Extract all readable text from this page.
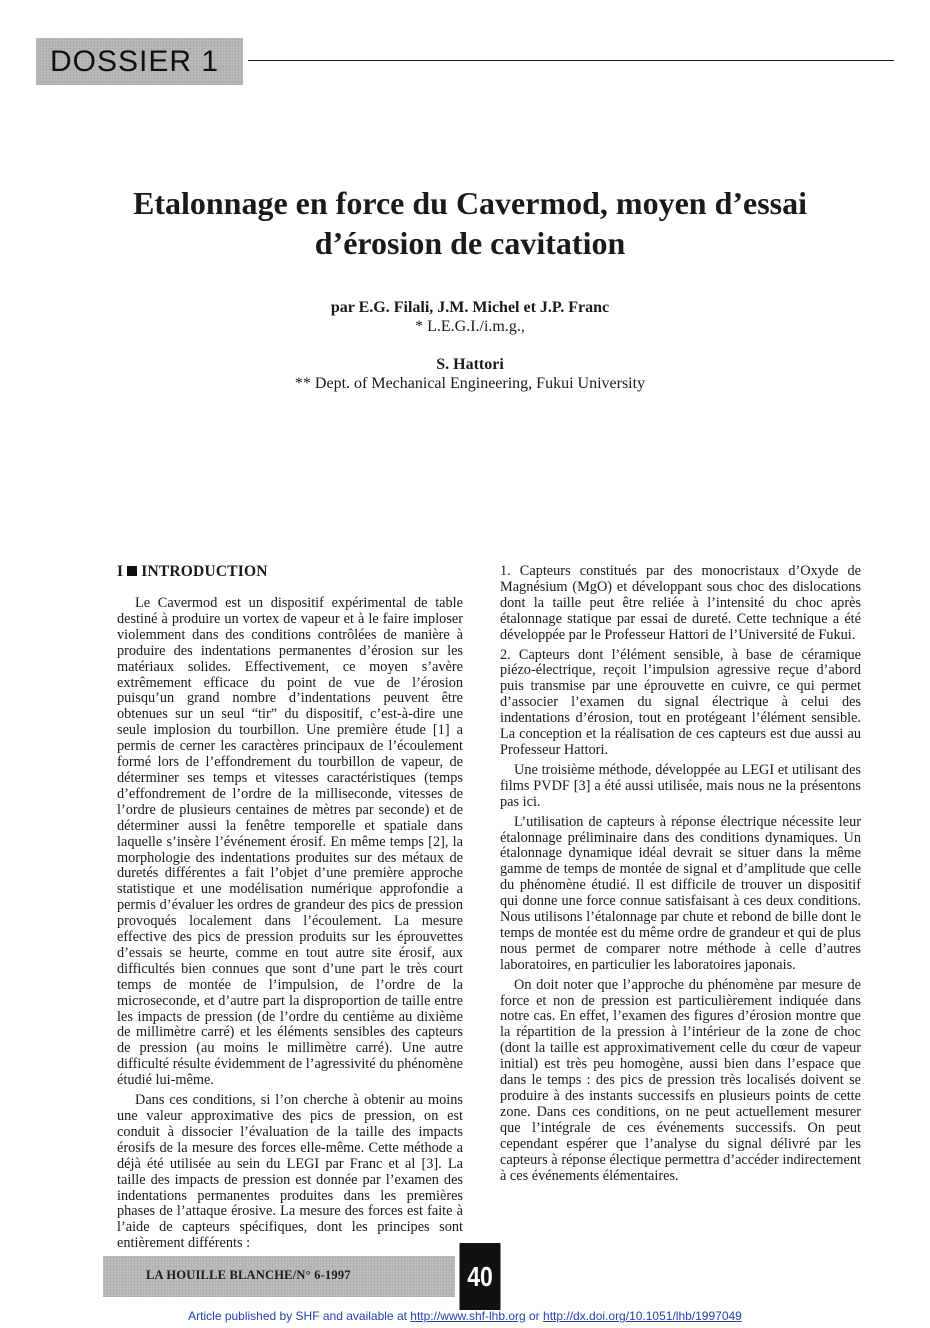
DOSSIER 1
Etalonnage en force du Cavermod, moyen d’essai
d’érosion de cavitation
par E.G. Filali, J.M. Michel et J.P. Franc
* L.E.G.I./i.m.g.,
S. Hattori
** Dept. of Mechanical Engineering, Fukui University
I INTRODUCTION

Le Cavermod est un dispositif expérimental de table destiné à produire un vortex de vapeur et à le faire imploser violemment dans des conditions contrôlées de manière à produire des indentations permanentes d’érosion sur les matériaux solides. Effectivement, ce moyen s’avère extrêmement efficace du point de vue de l’érosion puisqu’un grand nombre d’indentations peuvent être obtenues sur un seul “tir” du dispositif, c’est-à-dire une seule implosion du tourbillon. Une première étude [1] a permis de cerner les caractères principaux de l’écoulement formé lors de l’effondrement du tourbillon de vapeur, de déterminer ses temps et vitesses caractéristiques (temps d’effondrement de l’ordre de la milliseconde, vitesses de l’ordre de plusieurs centaines de mètres par seconde) et de déterminer aussi la fenêtre temporelle et spatiale dans laquelle s’insère l’événement érosif. En même temps [2], la morphologie des indentations produites sur des métaux de duretés différentes a fait l’objet d’une première approche statistique et une modélisation numérique approfondie a permis d’évaluer les ordres de grandeur des pics de pression provoqués localement dans l’écoulement. La mesure effective des pics de pression produits sur les éprouvettes d’essais se heurte, comme en tout autre site érosif, aux difficultés bien connues que sont d’une part le très court temps de montée de l’impulsion, de l’ordre de la microseconde, et d’autre part la disproportion de taille entre les impacts de pression (de l’ordre du centième au dixième de millimètre carré) et les éléments sensibles des capteurs de pression (au moins le millimètre carré). Une autre difficulté résulte évidemment de l’agressivité du phénomène étudié lui-même.

Dans ces conditions, si l’on cherche à obtenir au moins une valeur approximative des pics de pression, on est conduit à dissocier l’évaluation de la taille des impacts érosifs de la mesure des forces elle-même. Cette méthode a déjà été utilisée au sein du LEGI par Franc et al [3]. La taille des impacts de pression est donnée par l’examen des indentations permanentes produites dans les premières phases de l’attaque érosive. La mesure des forces est faite à l’aide de capteurs spécifiques, dont les principes sont entièrement différents :

1. Capteurs constitués par des monocristaux d’Oxyde de Magnésium (MgO) et développant sous choc des dislocations dont la taille peut être reliée à l’intensité du choc après étalonnage statique par essai de dureté. Cette technique a été développée par le Professeur Hattori de l’Université de Fukui.

2. Capteurs dont l’élément sensible, à base de céramique piézo-électrique, reçoit l’impulsion agressive reçue d’abord puis transmise par une éprouvette en cuivre, ce qui permet d’associer l’examen du signal électrique à celui des indentations d’érosion, tout en protégeant l’élément sensible. La conception et la réalisation de ces capteurs est due aussi au Professeur Hattori.

Une troisième méthode, développée au LEGI et utilisant des films PVDF [3] a été aussi utilisée, mais nous ne la présentons pas ici.

L’utilisation de capteurs à réponse électrique nécessite leur étalonnage préliminaire dans des conditions dynamiques. Un étalonnage dynamique idéal devrait se situer dans la même gamme de temps de montée de signal et d’amplitude que celle du phénomène étudié. Il est difficile de trouver un dispositif qui donne une force connue satisfaisant à ces deux conditions. Nous utilisons l’étalonnage par chute et rebond de bille dont le temps de montée est du même ordre de grandeur et qui de plus nous permet de comparer notre méthode à celle d’autres laboratoires, en particulier les laboratoires japonais.

On doit noter que l’approche du phénomène par mesure de force et non de pression est particulièrement indiquée dans notre cas. En effet, l’examen des figures d’érosion montre que la répartition de la pression à l’intérieur de la zone de choc (dont la taille est approximativement celle du cœur de vapeur initial) est très peu homogène, aussi bien dans l’espace que dans le temps : des pics de pression très localisés doivent se produire à des instants successifs en plusieurs points de cette zone. Dans ces conditions, on ne peut actuellement mesurer que l’intégrale de ces événements successifs. On peut cependant espérer que l’analyse du signal délivré par les capteurs à réponse électique permettra d’accéder indirectement à ces événements élémentaires.

LA HOUILLE BLANCHE/N° 6-1997	40
Article published by SHF and available at http://www.shf-lhb.org or http://dx.doi.org/10.1051/lhb/1997049
